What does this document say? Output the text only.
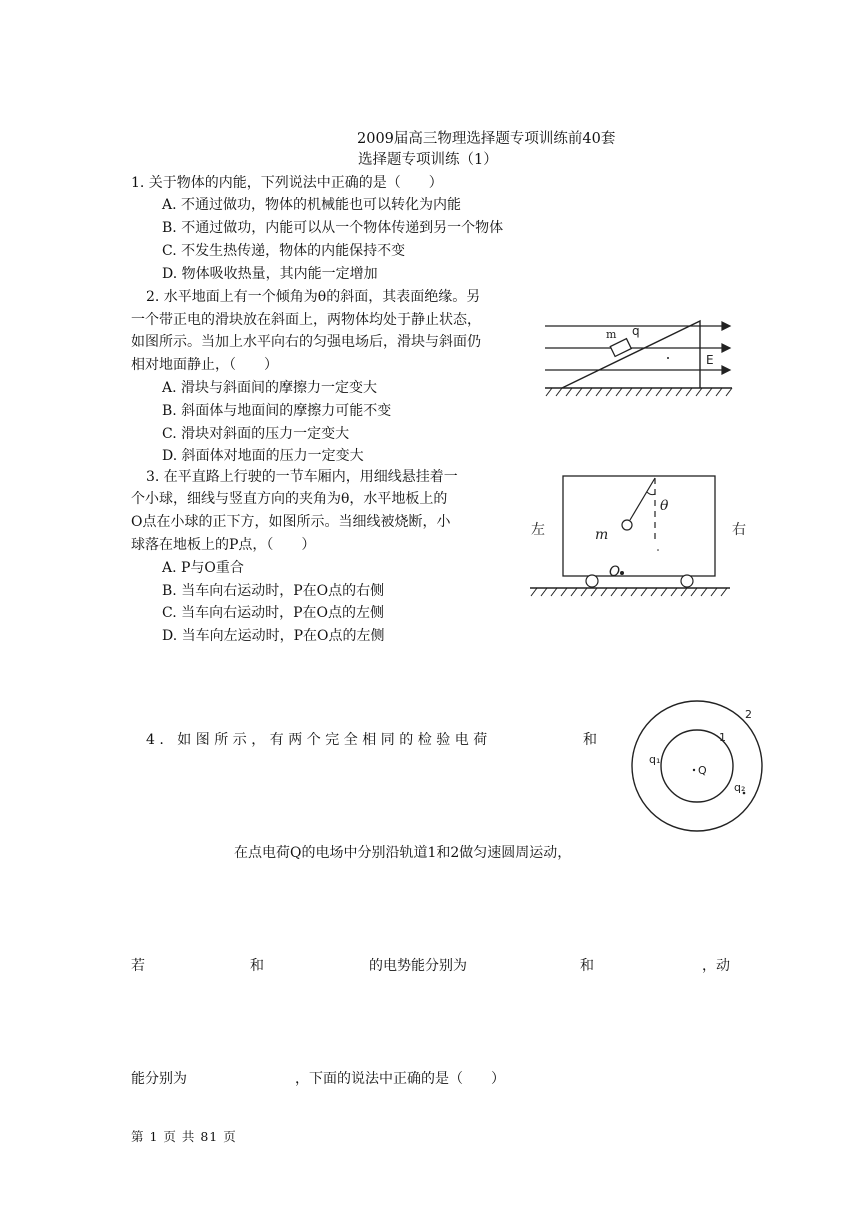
2009届高三物理选择题专项训练前40套
选择题专项训练（1）
1. 关于物体的内能，下列说法中正确的是（　　）
A. 不通过做功，物体的机械能也可以转化为内能
B. 不通过做功，内能可以从一个物体传递到另一个物体
C. 不发生热传递，物体的内能保持不变
D. 物体吸收热量，其内能一定增加
2. 水平地面上有一个倾角为θ的斜面，其表面绝缘。另
一个带正电的滑块放在斜面上，两物体均处于静止状态，
如图所示。当加上水平向右的匀强电场后，滑块与斜面仍
相对地面静止，（　　）
A. 滑块与斜面间的摩擦力一定变大
B. 斜面体与地面间的摩擦力可能不变
C. 滑块对斜面的压力一定变大
D. 斜面体对地面的压力一定变大
m q
E
3. 在平直路上行驶的一节车厢内，用细线悬挂着一
个小球，细线与竖直方向的夹角为θ，水平地板上的
O点在小球的正下方，如图所示。当细线被烧断，小
球落在地板上的P点，（　　）
A. P与O重合
B. 当车向右运动时，P在O点的右侧
C. 当车向右运动时，P在O点的左侧
D. 当车向左运动时，P在O点的左侧
左	右
θ
m
O
4. 如图所示，有两个完全相同的检验电荷	和
在点电荷Q的电场中分别沿轨道1和2做匀速圆周运动，
若	和	的电势能分别为	和	，动
能分别为	，下面的说法中正确的是（　　）
2
1
q₁
Q
q₂
第 1 页 共 81 页
